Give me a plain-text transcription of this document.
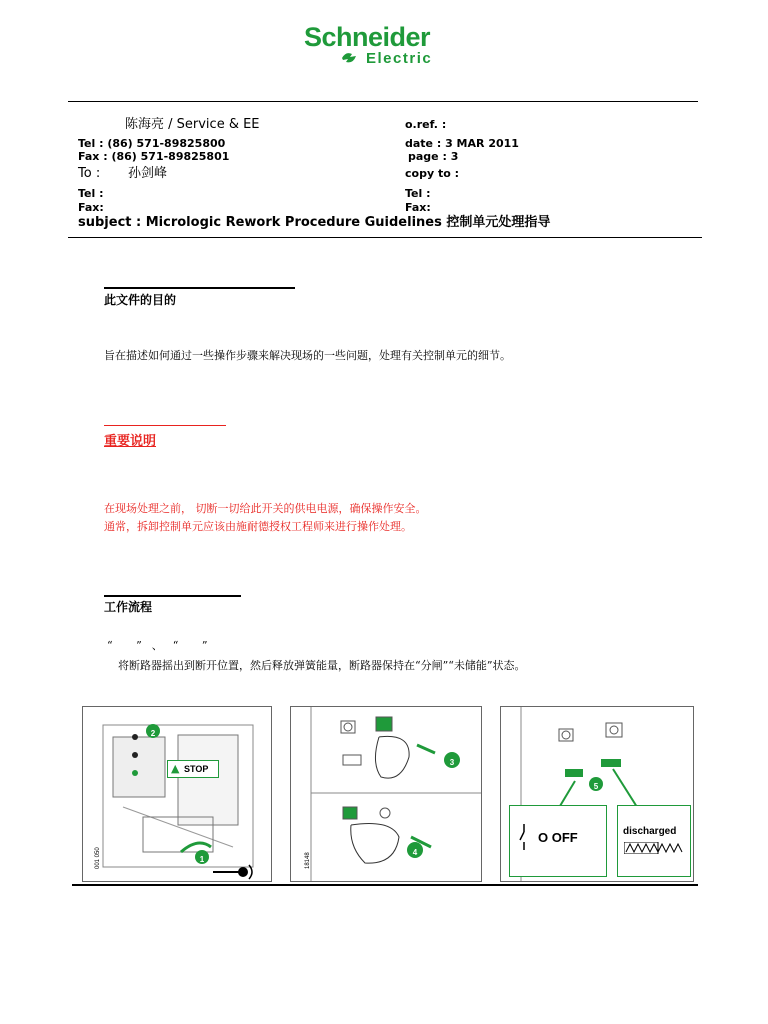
Schneider
Electric
陈海亮 / Service & EE
Tel : (86) 571-89825800
Fax : (86) 571-89825801
To : 孙剑峰
Tel :
Fax:
o.ref. :
date : 3 MAR 2011
page : 3
copy to :
Tel :
Fax:
subject : Micrologic Rework Procedure Guidelines 控制单元处理指导
此文件的目的
旨在描述如何通过一些操作步骤来解决现场的一些问题，处理有关控制单元的细节。
重要说明
在现场处理之前， 切断一切给此开关的供电电源，确保操作安全。
通常，拆卸控制单元应该由施耐德授权工程师来进行操作处理。
工作流程
“ ”、“ ”
将断路器摇出到断开位置，然后释放弹簧能量，断路器保持在“分闸”“未储能”状态。
001 050
2
▲ STOP
1	18148
3
4
5
O OFF	discharged
